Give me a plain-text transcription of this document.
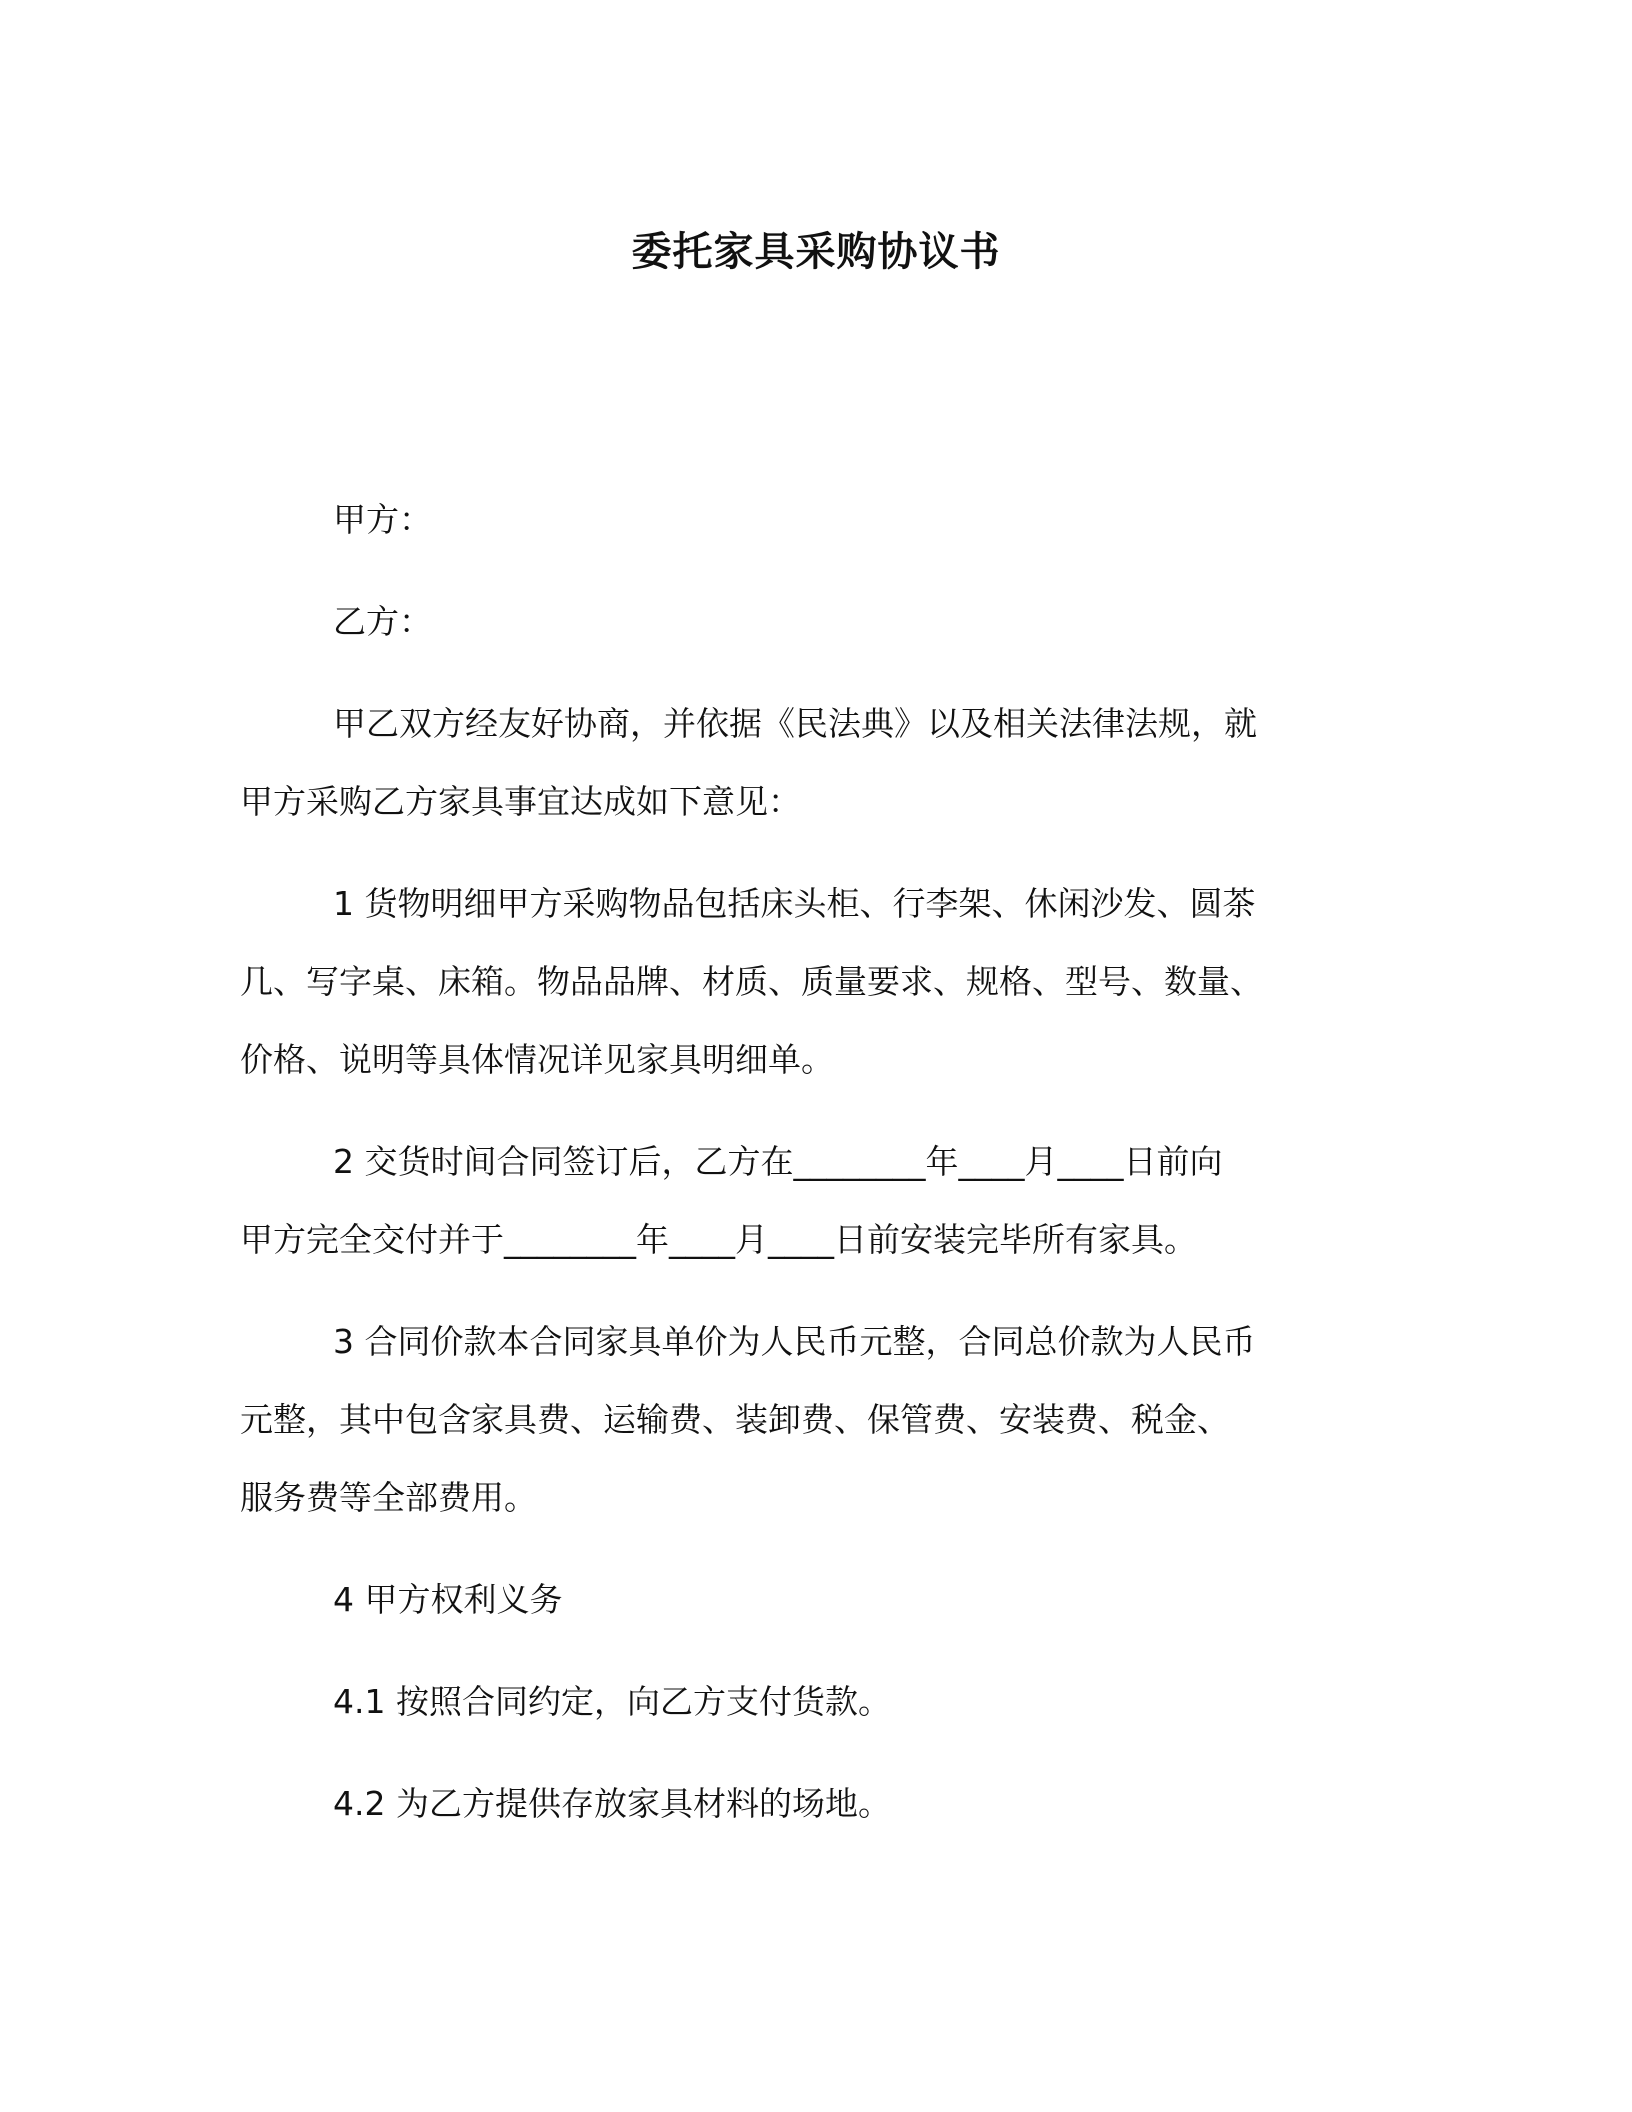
委托家具采购协议书
甲方：
乙方：
甲乙双方经友好协商，并依据《民法典》以及相关法律法规，就
甲方采购乙方家具事宜达成如下意见：
1 货物明细甲方采购物品包括床头柜、行李架、休闲沙发、圆茶
几、写字桌、床箱。物品品牌、材质、质量要求、规格、型号、数量、
价格、说明等具体情况详见家具明细单。
2 交货时间合同签订后，乙方在________年____月____日前向
甲方完全交付并于________年____月____日前安装完毕所有家具。
3 合同价款本合同家具单价为人民币元整，合同总价款为人民币
元整，其中包含家具费、运输费、装卸费、保管费、安装费、税金、
服务费等全部费用。
4 甲方权利义务
4.1 按照合同约定，向乙方支付货款。
4.2 为乙方提供存放家具材料的场地。
